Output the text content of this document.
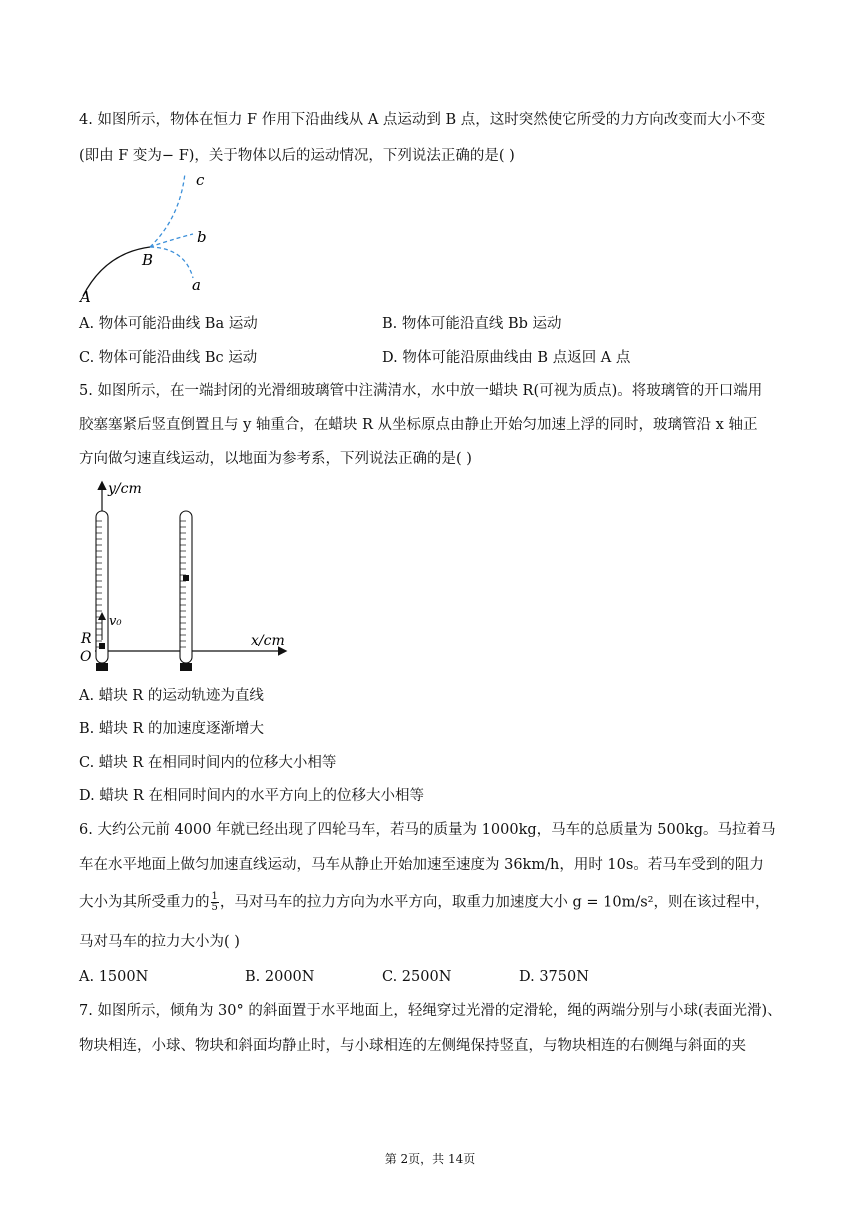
4. 如图所示，物体在恒力 F 作用下沿曲线从 A 点运动到 B 点，这时突然使它所受的力方向改变而大小不变
(即由 F 变为− F)，关于物体以后的运动情况，下列说法正确的是( )
c
b
B
a
A
A. 物体可能沿曲线 Ba 运动	B. 物体可能沿直线 Bb 运动
C. 物体可能沿曲线 Bc 运动	D. 物体可能沿原曲线由 B 点返回 A 点
5. 如图所示，在一端封闭的光滑细玻璃管中注满清水，水中放一蜡块 R(可视为质点)。将玻璃管的开口端用
胶塞塞紧后竖直倒置且与 y 轴重合，在蜡块 R 从坐标原点由静止开始匀加速上浮的同时，玻璃管沿 x 轴正
方向做匀速直线运动，以地面为参考系，下列说法正确的是( )
y/cm
x/cm
v₀
R
O
A. 蜡块 R 的运动轨迹为直线
B. 蜡块 R 的加速度逐渐增大
C. 蜡块 R 在相同时间内的位移大小相等
D. 蜡块 R 在相同时间内的水平方向上的位移大小相等
6. 大约公元前 4000 年就已经出现了四轮马车，若马的质量为 1000kg，马车的总质量为 500kg。马拉着马
车在水平地面上做匀加速直线运动，马车从静止开始加速至速度为 36km/h，用时 10s。若马车受到的阻力
大小为其所受重力的 $\frac{1}{5}$ ，马对马车的拉力方向为水平方向，取重力加速度大小 g = 10m/s²，则在该过程中，
马对马车的拉力大小为( )
A. 1500N	B. 2000N	C. 2500N	D. 3750N
7. 如图所示，倾角为 30° 的斜面置于水平地面上，轻绳穿过光滑的定滑轮，绳的两端分别与小球(表面光滑)、
物块相连，小球、物块和斜面均静止时，与小球相连的左侧绳保持竖直，与物块相连的右侧绳与斜面的夹
第 2页，共 14页
